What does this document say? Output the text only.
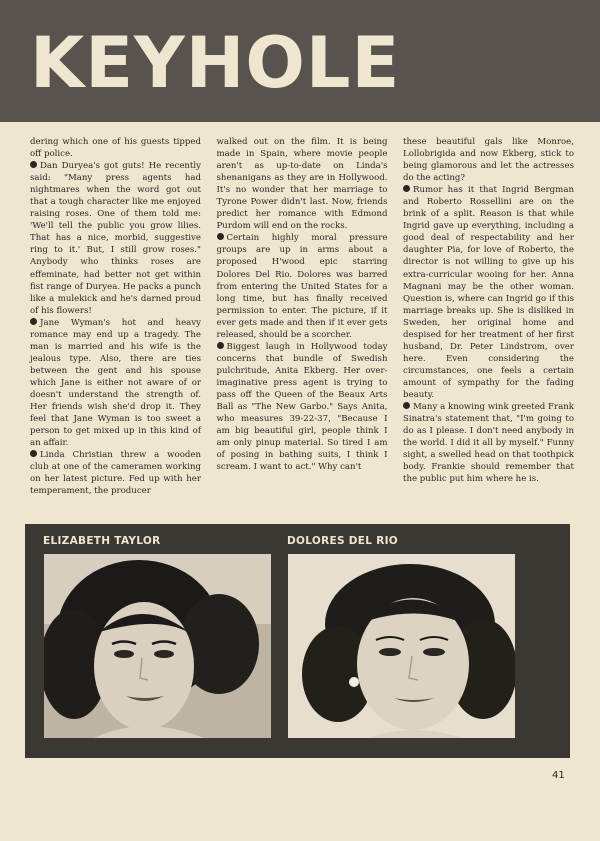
KEYHOLE

dering which one of his guests tipped off police.

Dan Duryea's got guts! He recently said: "Many press agents had nightmares when the word got out that a tough character like me enjoyed raising roses. One of them told me: 'We'll tell the public you grow lilies. That has a nice, morbid, suggestive ring to it.' But, I still grow roses." Anybody who thinks roses are effeminate, had better not get within fist range of Duryea. He packs a punch like a mulekick and he's darned proud of his flowers!

Jane Wyman's hot and heavy romance may end up a tragedy. The man is married and his wife is the jealous type. Also, there are ties between the gent and his spouse which Jane is either not aware of or doesn't understand the strength of. Her friends wish she'd drop it. They feel that Jane Wyman is too sweet a person to get mixed up in this kind of an affair.

Linda Christian threw a wooden club at one of the cameramen working on her latest picture. Fed up with her temperament, the producer

walked out on the film. It is being made in Spain, where movie people aren't as up-to-date on Linda's shenanigans as they are in Hollywood. It's no wonder that her marriage to Tyrone Power didn't last. Now, friends predict her romance with Edmond Purdom will end on the rocks.

Certain highly moral pressure groups are up in arms about a proposed H'wood epic starring Dolores Del Rio. Dolores was barred from entering the United States for a long time, but has finally received permission to enter. The picture, if it ever gets made and then if it ever gets released, should be a scorcher.

Biggest laugh in Hollywood today concerns that bundle of Swedish pulchritude, Anita Ekberg. Her over-imaginative press agent is trying to pass off the Queen of the Beaux Arts Ball as "The New Garbo." Says Anita, who measures 39-22-37, "Because I am big beautiful girl, people think I am only pinup material. So tired I am of posing in bathing suits, I think I scream. I want to act." Why can't

these beautiful gals like Monroe, Lollobrigida and now Ekberg, stick to being glamorous and let the actresses do the acting?

Rumor has it that Ingrid Bergman and Roberto Rossellini are on the brink of a split. Reason is that while Ingrid gave up everything, including a good deal of respectability and her daughter Pia, for love of Roberto, the director is not willing to give up his extra-curricular wooing for her. Anna Magnani may be the other woman. Question is, where can Ingrid go if this marriage breaks up. She is disliked in Sweden, her original home and despised for her treatment of her first husband, Dr. Peter Lindstrom, over here. Even considering the circumstances, one feels a certain amount of sympathy for the fading beauty.

Many a knowing wink greeted Frank Sinatra's statement that, "I'm going to do as I please. I don't need anybody in the world. I did it all by myself." Funny sight, a swelled head on that toothpick body. Frankie should remember that the public put him where he is.

ELIZABETH TAYLOR	DOLORES DEL RIO
41
